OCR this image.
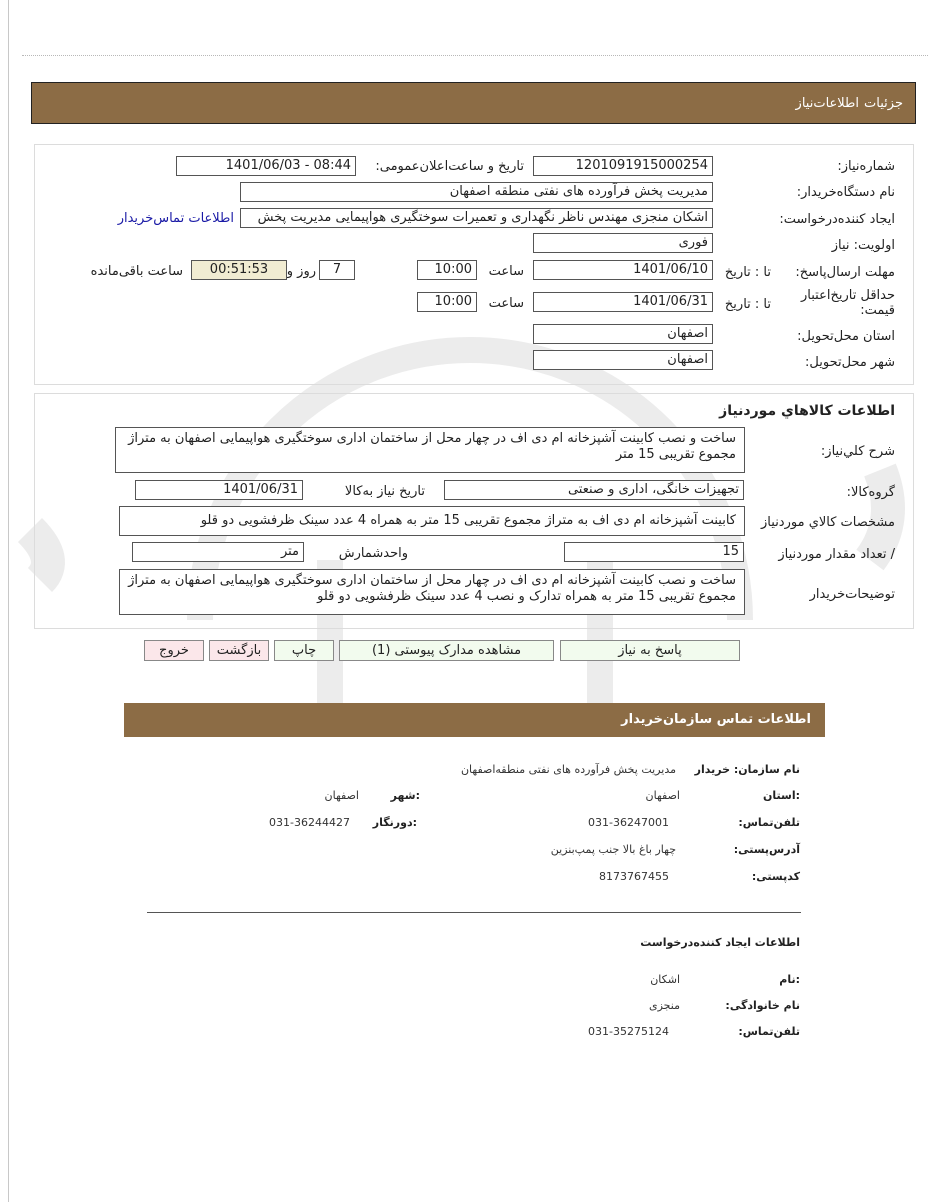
جزئیات
اطلاعات‌نیاز
شماره‌نیاز:
1201091915000254
تاریخ و ساعت‌اعلان‌عمومی:
1401/06/03 - 08:44
نام دستگاه‌خریدار:
مدیریت پخش فرآورده های نفتی منطقه اصفهان
ایجاد کننده‌درخواست:
اشکان منجزی مهندس ناظر نگهداری و تعمیرات سوختگیری هواپیمایی مدیریت پخش
اطلاعات تماس‌خریدار
اولویت: نیاز
فوری
مهلت ارسال‌پاسخ:
تا : تاریخ
1401/06/10
ساعت
10:00
7
روز و
00:51:53
ساعت باقی‌مانده
حداقل تاریخ‌اعتبار قیمت:
تا : تاریخ
1401/06/31
ساعت
10:00
استان محل‌تحویل:
اصفهان
شهر محل‌تحویل:
اصفهان
اطلاعات کالاهاي موردنياز
شرح کلي‌نياز:
ساخت و نصب کابینت آشپزخانه ام دی اف در چهار محل از ساختمان اداری سوختگیری هواپیمایی اصفهان به متراژ مجموع تقریبی 15 متر
گروه‌کالا:
تجهیزات خانگی، اداری و صنعتی
تاریخ نیاز به‌کالا
1401/06/31
مشخصات کالاي مورد‌نياز
کابینت آشپزخانه ام دی اف به متراژ مجموع تقریبی 15 متر به همراه 4 عدد سینک ظرفشویی دو قلو
/ تعداد مقدار مورد‌نیاز
15
واحد‌شمارش
متر
توضیحات‌خریدار
ساخت و نصب کابینت آشپزخانه ام دی اف در چهار محل از ساختمان اداری سوختگیری هواپیمایی اصفهان به متراژ مجموع تقریبی 15 متر به همراه تدارک و نصب 4 عدد سینک ظرفشویی دو قلو
پاسخ به نیاز
مشاهده مدارک پیوستی (1)
چاپ
بازگشت
خروج
اطلاعات تماس سازمان‌خریدار
نام سازمان: خریدار
مدیریت پخش فرآورده های نفتی منطقه‌اصفهان
:استان
اصفهان
:شهر
اصفهان
تلفن‌تماس:
031-36247001
:دورنگار
031-36244427
آدرس‌پستی:
چهار باغ بالا جنب پمپ‌بنزین
کد‌پستی:
8173767455
اطلاعات ایجاد کننده‌درخواست
:نام
اشکان
نام خانوادگی:
منجزی
تلفن‌تماس:
031-35275124
